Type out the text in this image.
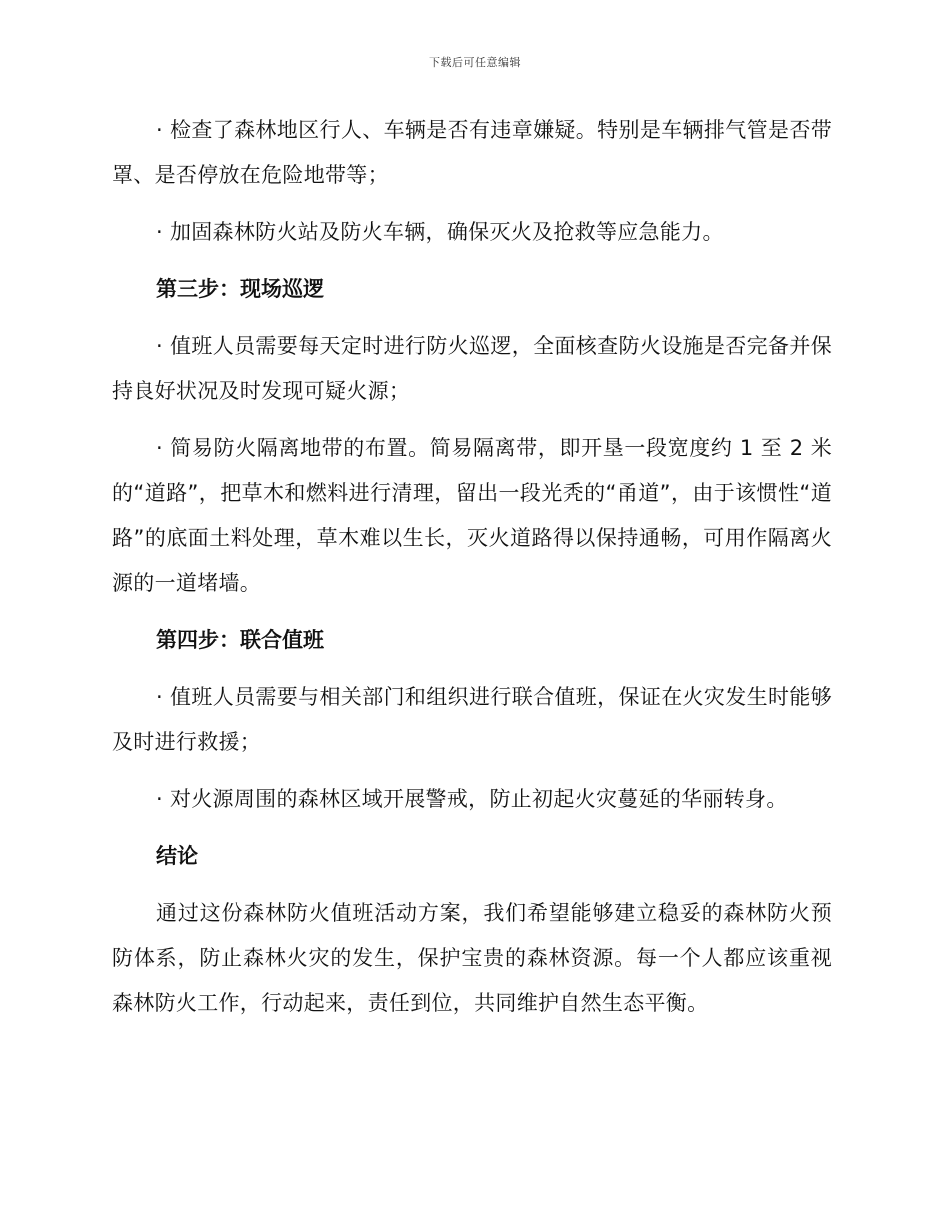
下载后可任意编辑

· 检查了森林地区行人、车辆是否有违章嫌疑。特别是车辆排气管是否带罩、是否停放在危险地带等；

· 加固森林防火站及防火车辆，确保灭火及抢救等应急能力。

第三步：现场巡逻

· 值班人员需要每天定时进行防火巡逻，全面核查防火设施是否完备并保持良好状况及时发现可疑火源；

· 简易防火隔离地带的布置。简易隔离带，即开垦一段宽度约 1 至 2 米的“道路”，把草木和燃料进行清理，留出一段光秃的“甬道”，由于该惯性“道路”的底面土料处理，草木难以生长，灭火道路得以保持通畅，可用作隔离火源的一道堵墙。

第四步：联合值班

· 值班人员需要与相关部门和组织进行联合值班，保证在火灾发生时能够及时进行救援；

· 对火源周围的森林区域开展警戒，防止初起火灾蔓延的华丽转身。

结论

通过这份森林防火值班活动方案，我们希望能够建立稳妥的森林防火预防体系，防止森林火灾的发生，保护宝贵的森林资源。每一个人都应该重视森林防火工作，行动起来，责任到位，共同维护自然生态平衡。
